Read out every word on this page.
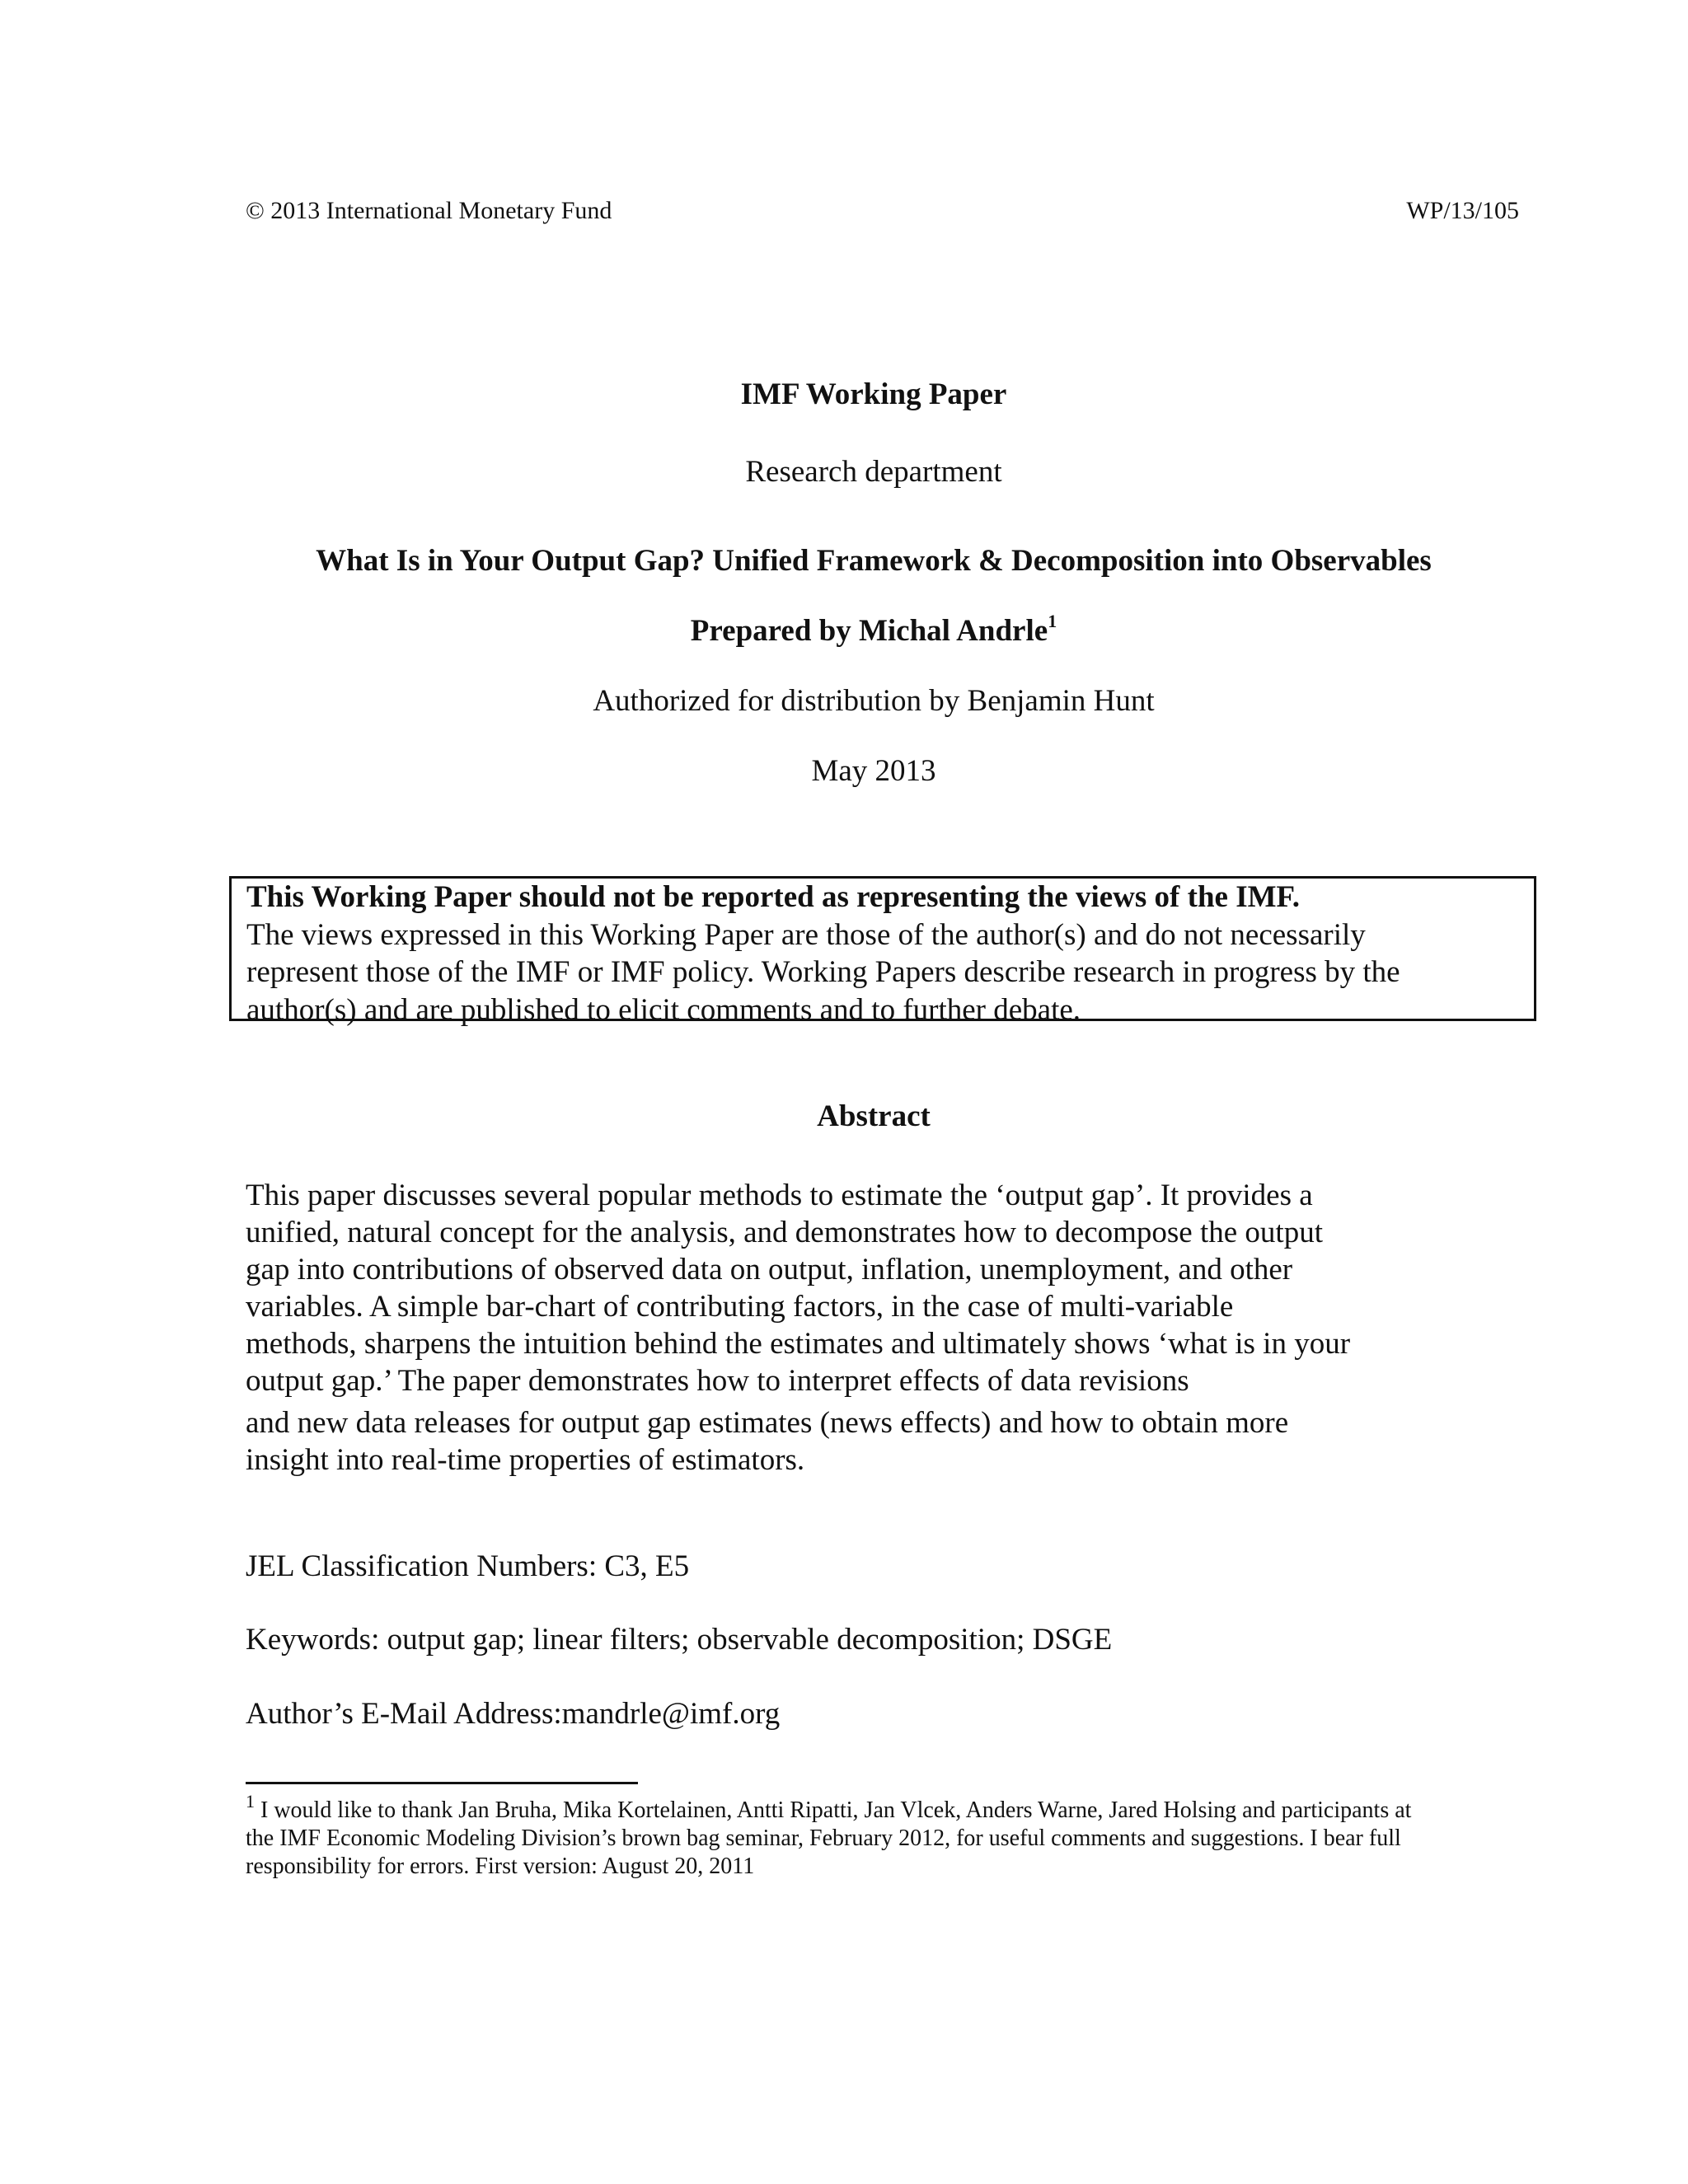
© 2013 International Monetary Fund	WP/13/105
IMF Working Paper
Research department
What Is in Your Output Gap? Unified Framework & Decomposition into Observables
Prepared by Michal Andrle$^1$
Authorized for distribution by Benjamin Hunt
May 2013
This Working Paper should not be reported as representing the views of the IMF.
The views expressed in this Working Paper are those of the author(s) and do not necessarily
represent those of the IMF or IMF policy. Working Papers describe research in progress by the
author(s) and are published to elicit comments and to further debate.
Abstract
This paper discusses several popular methods to estimate the ‘output gap’. It provides a
unified, natural concept for the analysis, and demonstrates how to decompose the output
gap into contributions of observed data on output, inflation, unemployment, and other
variables. A simple bar-chart of contributing factors, in the case of multi-variable
methods, sharpens the intuition behind the estimates and ultimately shows ‘what is in your
output gap.’ The paper demonstrates how to interpret effects of data revisions
and new data releases for output gap estimates (news effects) and how to obtain more
insight into real-time properties of estimators.
JEL Classification Numbers: C3, E5
Keywords: output gap; linear filters; observable decomposition; DSGE
Author’s E-Mail Address:mandrle@imf.org
$^1$ I would like to thank Jan Bruha, Mika Kortelainen, Antti Ripatti, Jan Vlcek, Anders Warne, Jared Holsing and participants at
the IMF Economic Modeling Division’s brown bag seminar, February 2012, for useful comments and suggestions. I bear full
responsibility for errors. First version: August 20, 2011
